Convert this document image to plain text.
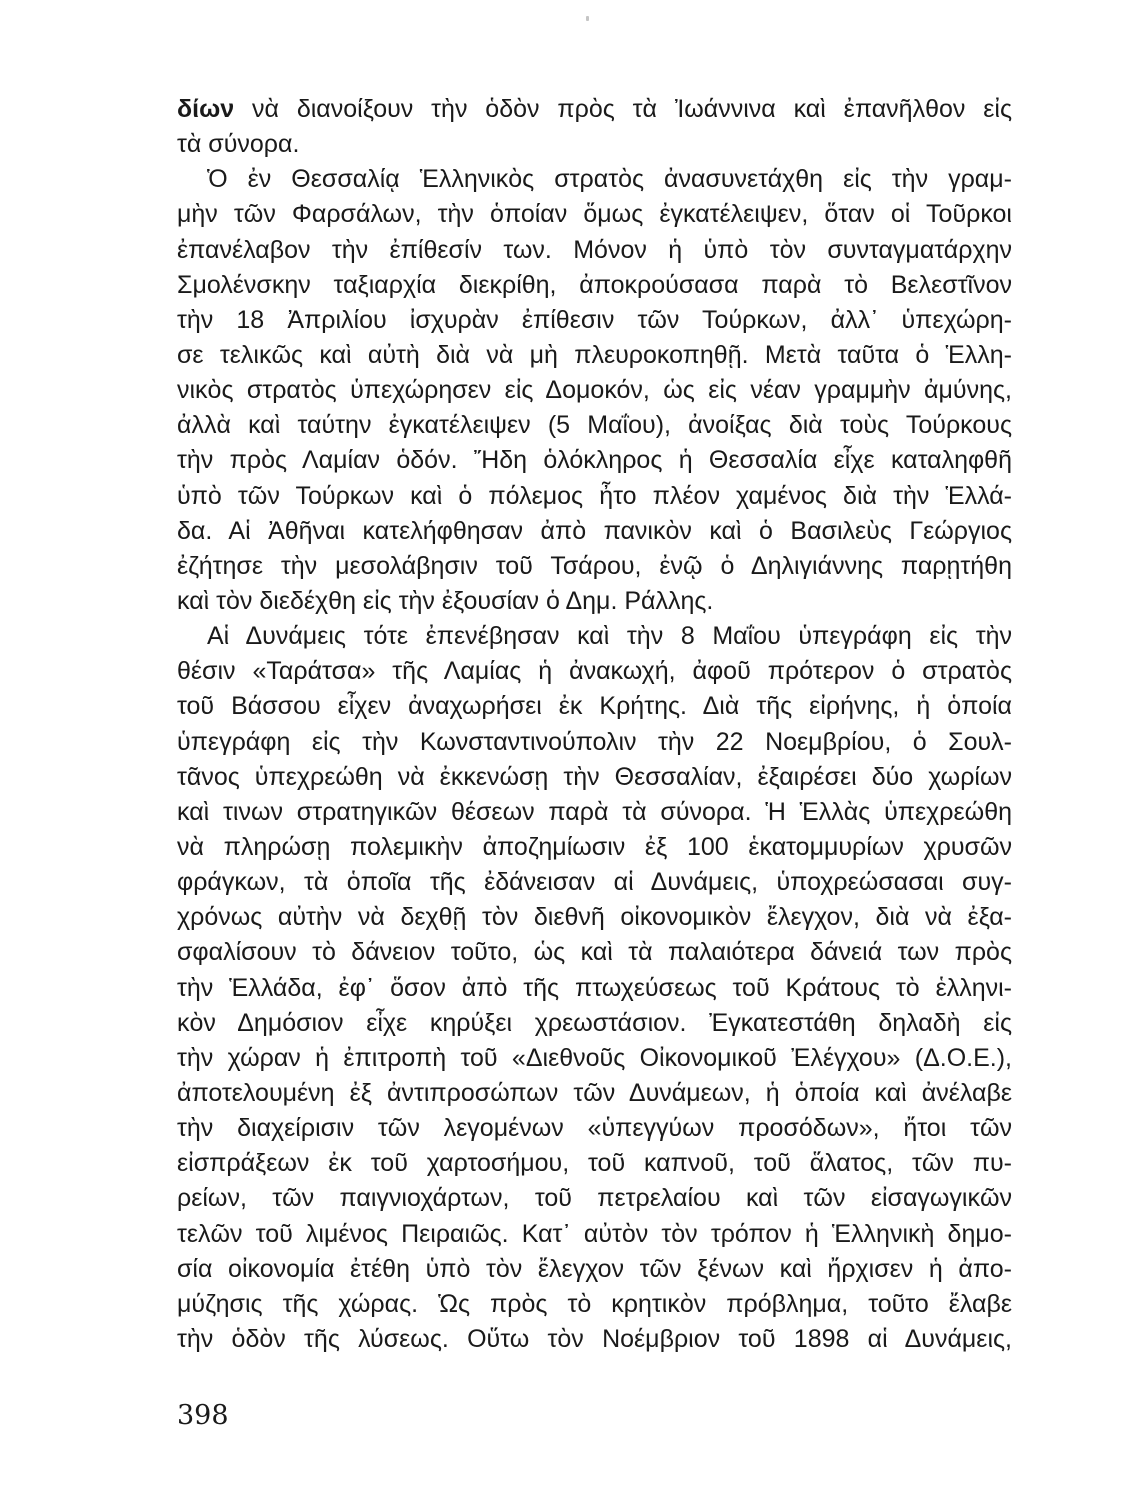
δίων νὰ διανοίξουν τὴν ὁδὸν πρὸς τὰ Ἰωάννινα καὶ ἐπανῆλθον εἰς
τὰ σύνορα.
Ὁ ἐν Θεσσαλίᾳ Ἑλληνικὸς στρατὸς ἀνασυνετάχθη εἰς τὴν γραμ-
μὴν τῶν Φαρσάλων, τὴν ὁποίαν ὅμως ἐγκατέλειψεν, ὅταν οἱ Τοῦρκοι
ἐπανέλαβον τὴν ἐπίθεσίν των. Μόνον ἡ ὑπὸ τὸν συνταγματάρχην
Σμολένσκην ταξιαρχία διεκρίθη, ἀποκρούσασα παρὰ τὸ Βελεστῖνον
τὴν 18 Ἀπριλίου ἰσχυρὰν ἐπίθεσιν τῶν Τούρκων, ἀλλ᾽ ὑπεχώρη-
σε τελικῶς καὶ αὐτὴ διὰ νὰ μὴ πλευροκοπηθῇ. Μετὰ ταῦτα ὁ Ἑλλη-
νικὸς στρατὸς ὑπεχώρησεν εἰς Δομοκόν, ὡς εἰς νέαν γραμμὴν ἀμύνης,
ἀλλὰ καὶ ταύτην ἐγκατέλειψεν (5 Μαΐου), ἀνοίξας διὰ τοὺς Τούρκους
τὴν πρὸς Λαμίαν ὁδόν. Ἤδη ὁλόκληρος ἡ Θεσσαλία εἶχε καταληφθῆ
ὑπὸ τῶν Τούρκων καὶ ὁ πόλεμος ἦτο πλέον χαμένος διὰ τὴν Ἑλλά-
δα. Αἱ Ἀθῆναι κατελήφθησαν ἀπὸ πανικὸν καὶ ὁ Βασιλεὺς Γεώργιος
ἐζήτησε τὴν μεσολάβησιν τοῦ Τσάρου, ἐνῷ ὁ Δηλιγιάννης παρῃτήθη
καὶ τὸν διεδέχθη εἰς τὴν ἐξουσίαν ὁ Δημ. Ράλλης.
Αἱ Δυνάμεις τότε ἐπενέβησαν καὶ τὴν 8 Μαΐου ὑπεγράφη εἰς τὴν
θέσιν «Ταράτσα» τῆς Λαμίας ἡ ἀνακωχή, ἀφοῦ πρότερον ὁ στρατὸς
τοῦ Βάσσου εἶχεν ἀναχωρήσει ἐκ Κρήτης. Διὰ τῆς εἰρήνης, ἡ ὁποία
ὑπεγράφη εἰς τὴν Κωνσταντινούπολιν τὴν 22 Νοεμβρίου, ὁ Σουλ-
τᾶνος ὑπεχρεώθη νὰ ἐκκενώσῃ τὴν Θεσσαλίαν, ἐξαιρέσει δύο χωρίων
καὶ τινων στρατηγικῶν θέσεων παρὰ τὰ σύνορα. Ἡ Ἑλλὰς ὑπεχρεώθη
νὰ πληρώσῃ πολεμικὴν ἀποζημίωσιν ἐξ 100 ἑκατομμυρίων χρυσῶν
φράγκων, τὰ ὁποῖα τῆς ἐδάνεισαν αἱ Δυνάμεις, ὑποχρεώσασαι συγ-
χρόνως αὐτὴν νὰ δεχθῇ τὸν διεθνῆ οἰκονομικὸν ἔλεγχον, διὰ νὰ ἐξα-
σφαλίσουν τὸ δάνειον τοῦτο, ὡς καὶ τὰ παλαιότερα δάνειά των πρὸς
τὴν Ἑλλάδα, ἐφ᾽ ὅσον ἀπὸ τῆς πτωχεύσεως τοῦ Κράτους τὸ ἑλληνι-
κὸν Δημόσιον εἶχε κηρύξει χρεωστάσιον. Ἐγκατεστάθη δηλαδὴ εἰς
τὴν χώραν ἡ ἐπιτροπὴ τοῦ «Διεθνοῦς Οἰκονομικοῦ Ἐλέγχου» (Δ.Ο.Ε.),
ἀποτελουμένη ἐξ ἀντιπροσώπων τῶν Δυνάμεων, ἡ ὁποία καὶ ἀνέλαβε
τὴν διαχείρισιν τῶν λεγομένων «ὑπεγγύων προσόδων», ἤτοι τῶν
εἰσπράξεων ἐκ τοῦ χαρτοσήμου, τοῦ καπνοῦ, τοῦ ἅλατος, τῶν πυ-
ρείων, τῶν παιγνιοχάρτων, τοῦ πετρελαίου καὶ τῶν εἰσαγωγικῶν
τελῶν τοῦ λιμένος Πειραιῶς. Κατ᾽ αὐτὸν τὸν τρόπον ἡ Ἑλληνικὴ δημο-
σία οἰκονομία ἐτέθη ὑπὸ τὸν ἔλεγχον τῶν ξένων καὶ ἤρχισεν ἡ ἀπο-
μύζησις τῆς χώρας. Ὡς πρὸς τὸ κρητικὸν πρόβλημα, τοῦτο ἔλαβε
τὴν ὁδὸν τῆς λύσεως. Οὕτω τὸν Νοέμβριον τοῦ 1898 αἱ Δυνάμεις,
398
